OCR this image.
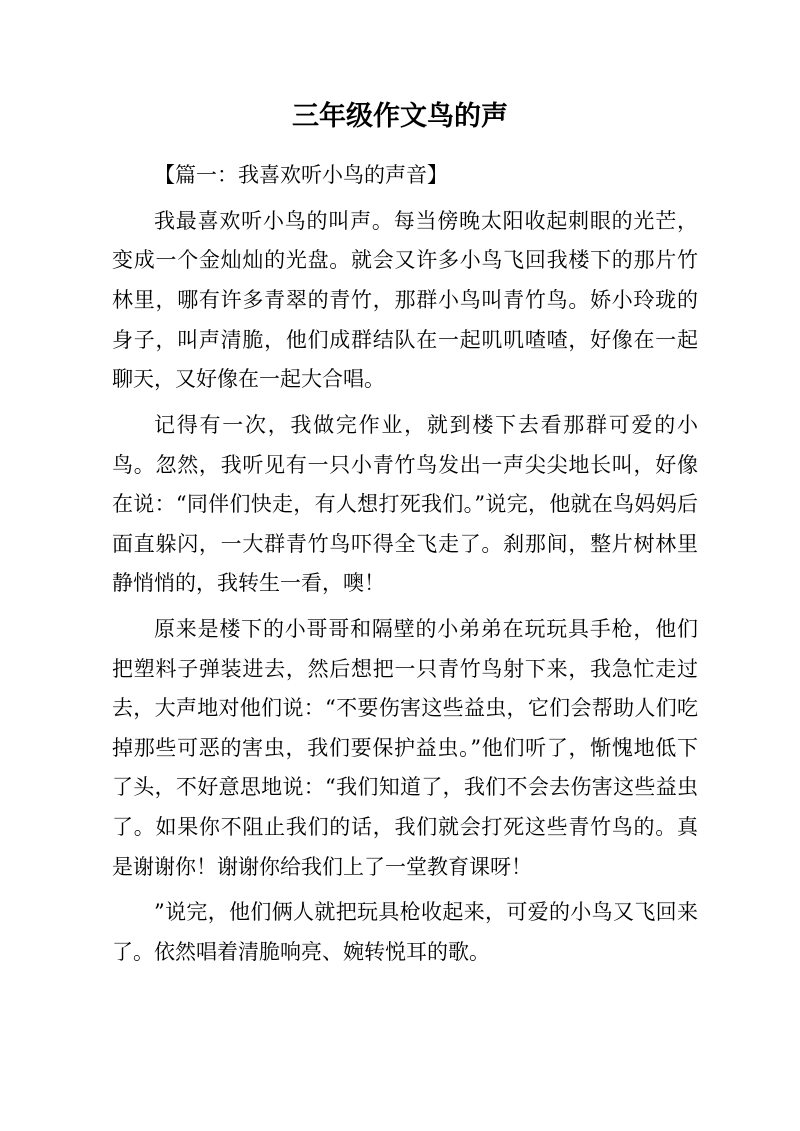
三年级作文鸟的声

【篇一：我喜欢听小鸟的声音】

我最喜欢听小鸟的叫声。每当傍晚太阳收起刺眼的光芒，变成一个金灿灿的光盘。就会又许多小鸟飞回我楼下的那片竹林里，哪有许多青翠的青竹，那群小鸟叫青竹鸟。娇小玲珑的身子，叫声清脆，他们成群结队在一起叽叽喳喳，好像在一起聊天，又好像在一起大合唱。

记得有一次，我做完作业，就到楼下去看那群可爱的小鸟。忽然，我听见有一只小青竹鸟发出一声尖尖地长叫，好像在说：“同伴们快走，有人想打死我们。”说完，他就在鸟妈妈后面直躲闪，一大群青竹鸟吓得全飞走了。刹那间，整片树林里静悄悄的，我转生一看，噢！

原来是楼下的小哥哥和隔壁的小弟弟在玩玩具手枪，他们把塑料子弹装进去，然后想把一只青竹鸟射下来，我急忙走过去，大声地对他们说：“不要伤害这些益虫，它们会帮助人们吃掉那些可恶的害虫，我们要保护益虫。”他们听了，惭愧地低下了头，不好意思地说：“我们知道了，我们不会去伤害这些益虫了。如果你不阻止我们的话，我们就会打死这些青竹鸟的。真是谢谢你！谢谢你给我们上了一堂教育课呀！

”说完，他们俩人就把玩具枪收起来，可爱的小鸟又飞回来了。依然唱着清脆响亮、婉转悦耳的歌。
